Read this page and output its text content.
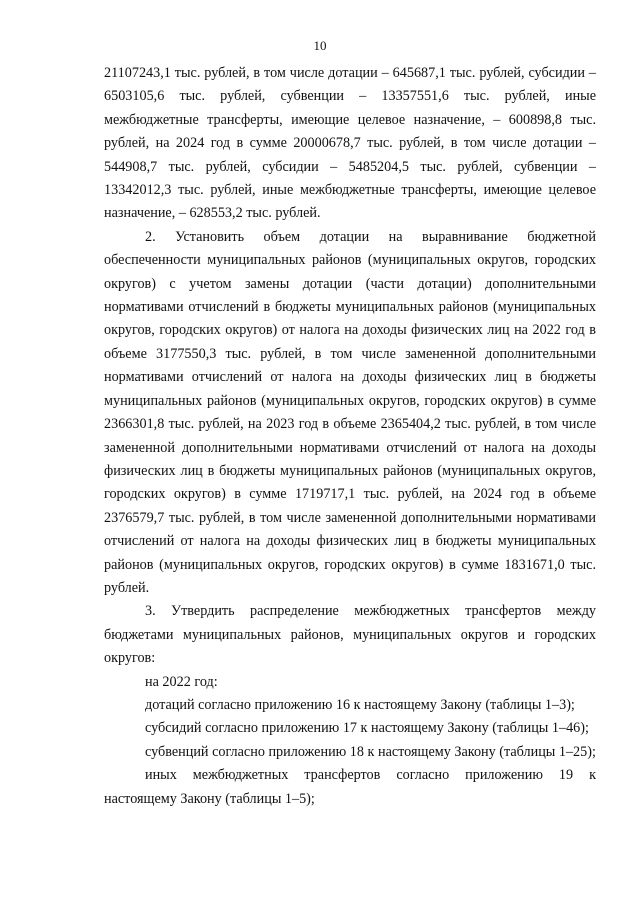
10

21107243,1 тыс. рублей, в том числе дотации – 645687,1 тыс. рублей, субсидии – 6503105,6 тыс. рублей, субвенции – 13357551,6 тыс. рублей, иные межбюджетные трансферты, имеющие целевое назначение, – 600898,8 тыс. рублей, на 2024 год в сумме 20000678,7 тыс. рублей, в том числе дотации – 544908,7 тыс. рублей, субсидии – 5485204,5 тыс. рублей, субвенции – 13342012,3 тыс. рублей, иные межбюджетные трансферты, имеющие целевое назначение, – 628553,2 тыс. рублей.

2. Установить объем дотации на выравнивание бюджетной обеспеченности муниципальных районов (муниципальных округов, городских округов) с учетом замены дотации (части дотации) дополнительными нормативами отчислений в бюджеты муниципальных районов (муниципальных округов, городских округов) от налога на доходы физических лиц на 2022 год в объеме 3177550,3 тыс. рублей, в том числе замененной дополнительными нормативами отчислений от налога на доходы физических лиц в бюджеты муниципальных районов (муниципальных округов, городских округов) в сумме 2366301,8 тыс. рублей, на 2023 год в объеме 2365404,2 тыс. рублей, в том числе замененной дополнительными нормативами отчислений от налога на доходы физических лиц в бюджеты муниципальных районов (муниципальных округов, городских округов) в сумме 1719717,1 тыс. рублей, на 2024 год в объеме 2376579,7 тыс. рублей, в том числе замененной дополнительными нормативами отчислений от налога на доходы физических лиц в бюджеты муниципальных районов (муниципальных округов, городских округов) в сумме 1831671,0 тыс. рублей.

3. Утвердить распределение межбюджетных трансфертов между бюджетами муниципальных районов, муниципальных округов и городских округов:

на 2022 год:

дотаций согласно приложению 16 к настоящему Закону (таблицы 1–3);

субсидий согласно приложению 17 к настоящему Закону (таблицы 1–46);

субвенций согласно приложению 18 к настоящему Закону (таблицы 1–25);

иных межбюджетных трансфертов согласно приложению 19 к настоящему Закону (таблицы 1–5);
